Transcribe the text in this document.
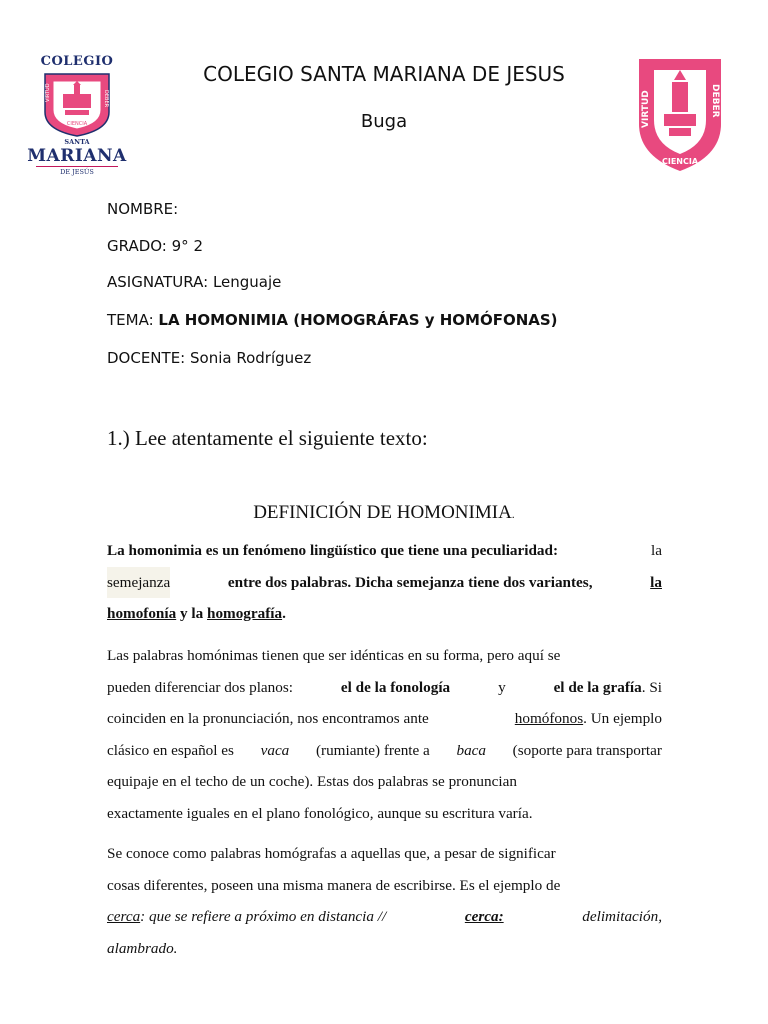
COLEGIO
VIRTUD	DEBER
CIENCIA
SANTA
MARIANA
DE JESÚS
VIRTUD	DEBER
CIENCIA
COLEGIO SANTA MARIANA DE JESUS
Buga
NOMBRE:
GRADO: 9° 2
ASIGNATURA: Lenguaje
TEMA: LA HOMONIMIA (HOMOGRÁFAS y HOMÓFONAS)
DOCENTE: Sonia Rodríguez
1.) Lee atentamente el siguiente texto:
DEFINICIÓN DE HOMONIMIA.
La homonimia es un fenómeno lingüístico que tiene una peculiaridad:	la
semejanza	entre dos palabras. Dicha semejanza tiene dos variantes,	la
homofonía y la homografía.
Las palabras homónimas tienen que ser idénticas en su forma, pero aquí se
pueden diferenciar dos planos:	el de la fonología	y	el de la grafía. Si
coinciden en la pronunciación, nos encontramos ante	homófonos. Un ejemplo
clásico en español es vaca (rumiante) frente a baca (soporte para transportar
equipaje en el techo de un coche). Estas dos palabras se pronuncian
exactamente iguales en el plano fonológico, aunque su escritura varía.
Se conoce como palabras homógrafas a aquellas que, a pesar de significar
cosas diferentes, poseen una misma manera de escribirse. Es el ejemplo de
cerca: que se refiere a próximo en distancia //	cerca:	delimitación,
alambrado.
